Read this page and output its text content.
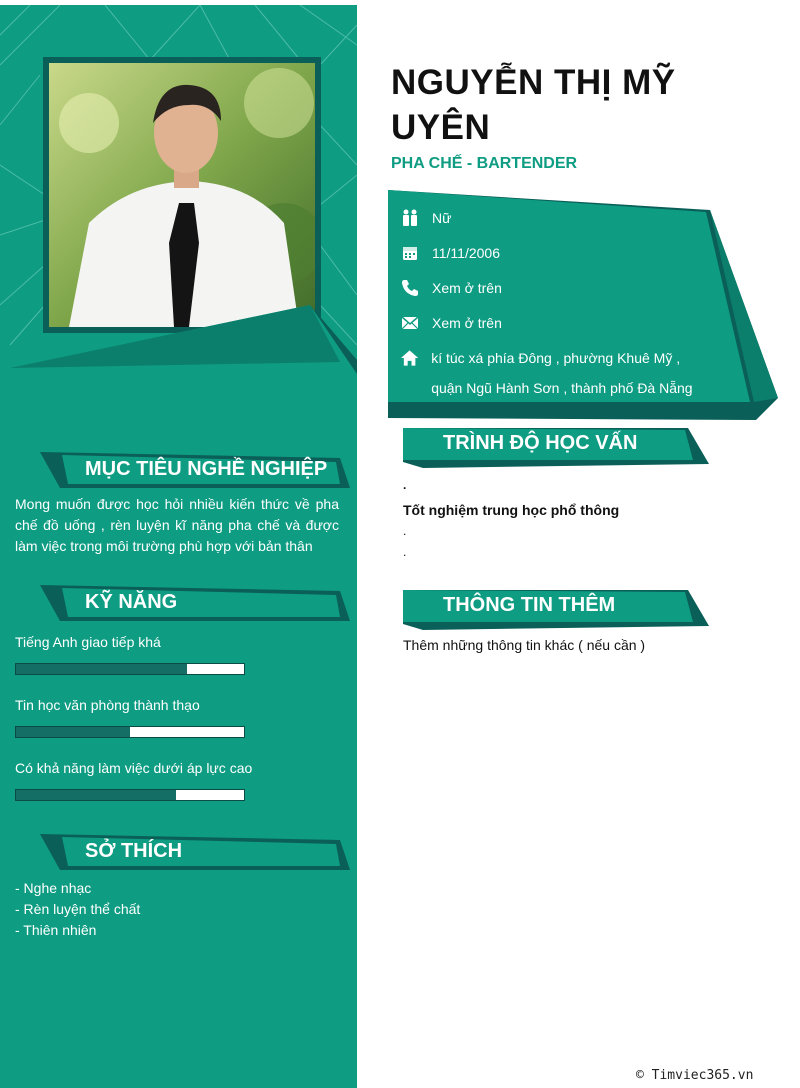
MỤC TIÊU NGHỀ NGHIỆP
Mong muốn được học hỏi nhiều kiến thức về pha chế đồ uống , rèn luyện kĩ năng pha chế và được làm việc trong môi trường phù hợp với bản thân
KỸ NĂNG
Tiếng Anh giao tiếp khá
Tin học văn phòng thành thạo
Có khả năng làm việc dưới áp lực cao
SỞ THÍCH
- Nghe nhạc
- Rèn luyện thể chất
- Thiên nhiên
NGUYỄN THỊ MỸ UYÊN
PHA CHẾ - BARTENDER
Nữ
11/11/2006
Xem ở trên
Xem ở trên
kí túc xá phía Đông , phường Khuê Mỹ , quận Ngũ Hành Sơn , thành phố Đà Nẵng
TRÌNH ĐỘ HỌC VẤN
.
Tốt nghiệm trung học phổ thông
.
.
THÔNG TIN THÊM
Thêm những thông tin khác ( nếu cần )
© Timviec365.vn
